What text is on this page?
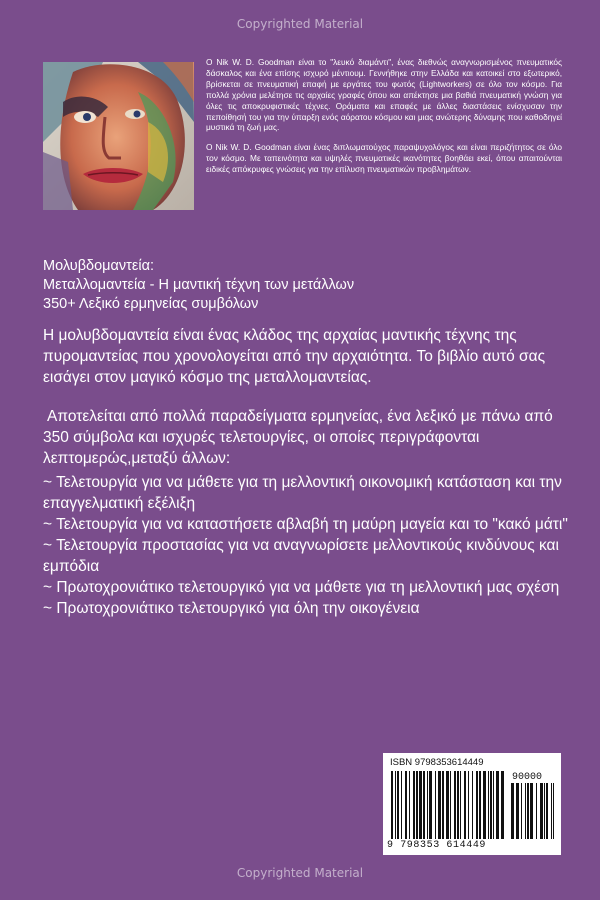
Copyrighted Material

Ο Nik W. D. Goodman είναι το "λευκό διαμάντι", ένας διεθνώς αναγνωρισμένος πνευματικός δάσκαλος και ένα επίσης ισχυρό μέντιουμ. Γεννήθηκε στην Ελλάδα και κατοικεί στο εξωτερικό, βρίσκεται σε πνευματική επαφή με εργάτες του φωτός (Lightworkers) σε όλο τον κόσμο. Για πολλά χρόνια μελέτησε τις αρχαίες γραφές όπου και απέκτησε μια βαθιά πνευματική γνώση για όλες τις αποκρυφιστικές τέχνες. Οράματα και επαφές με άλλες διαστάσεις ενίσχυσαν την πεποίθησή του για την ύπαρξη ενός αόρατου κόσμου και μιας ανώτερης δύναμης που καθοδηγεί μυστικά τη ζωή μας.

Ο Nik W. D. Goodman είναι ένας διπλωματούχος παραψυχολόγος και είναι περιζήτητος σε όλο τον κόσμο. Με ταπεινότητα και υψηλές πνευματικές ικανότητες βοηθάει εκεί, όπου απαιτούνται ειδικές απόκρυφες γνώσεις για την επίλυση πνευματικών προβλημάτων.

Μολυβδομαντεία:
Μεταλλομαντεία - Η μαντική τέχνη των μετάλλων
350+ Λεξικό ερμηνείας συμβόλων

Η μολυβδομαντεία είναι ένας κλάδος της αρχαίας μαντικής τέχνης της πυρομαντείας που χρονολογείται από την αρχαιότητα. Το βιβλίο αυτό σας εισάγει στον μαγικό κόσμο της μεταλλομαντείας.

Αποτελείται από πολλά παραδείγματα ερμηνείας, ένα λεξικό με πάνω από 350 σύμβολα και ισχυρές τελετουργίες, οι οποίες περιγράφονται λεπτομερώς,μεταξύ άλλων:

~ Τελετουργία για να μάθετε για τη μελλοντική οικονομική κατάσταση και την επαγγελματική εξέλιξη
~ Τελετουργία για να καταστήσετε αβλαβή τη μαύρη μαγεία και το "κακό μάτι"
~ Τελετουργία προστασίας για να αναγνωρίσετε μελλοντικούς κινδύνους και εμπόδια
~ Πρωτοχρονιάτικο τελετουργικό για να μάθετε για τη μελλοντική μας σχέση
~ Πρωτοχρονιάτικο τελετουργικό για όλη την οικογένεια
ISBN 9798353614449
90000
9 798353 614449
Copyrighted Material
